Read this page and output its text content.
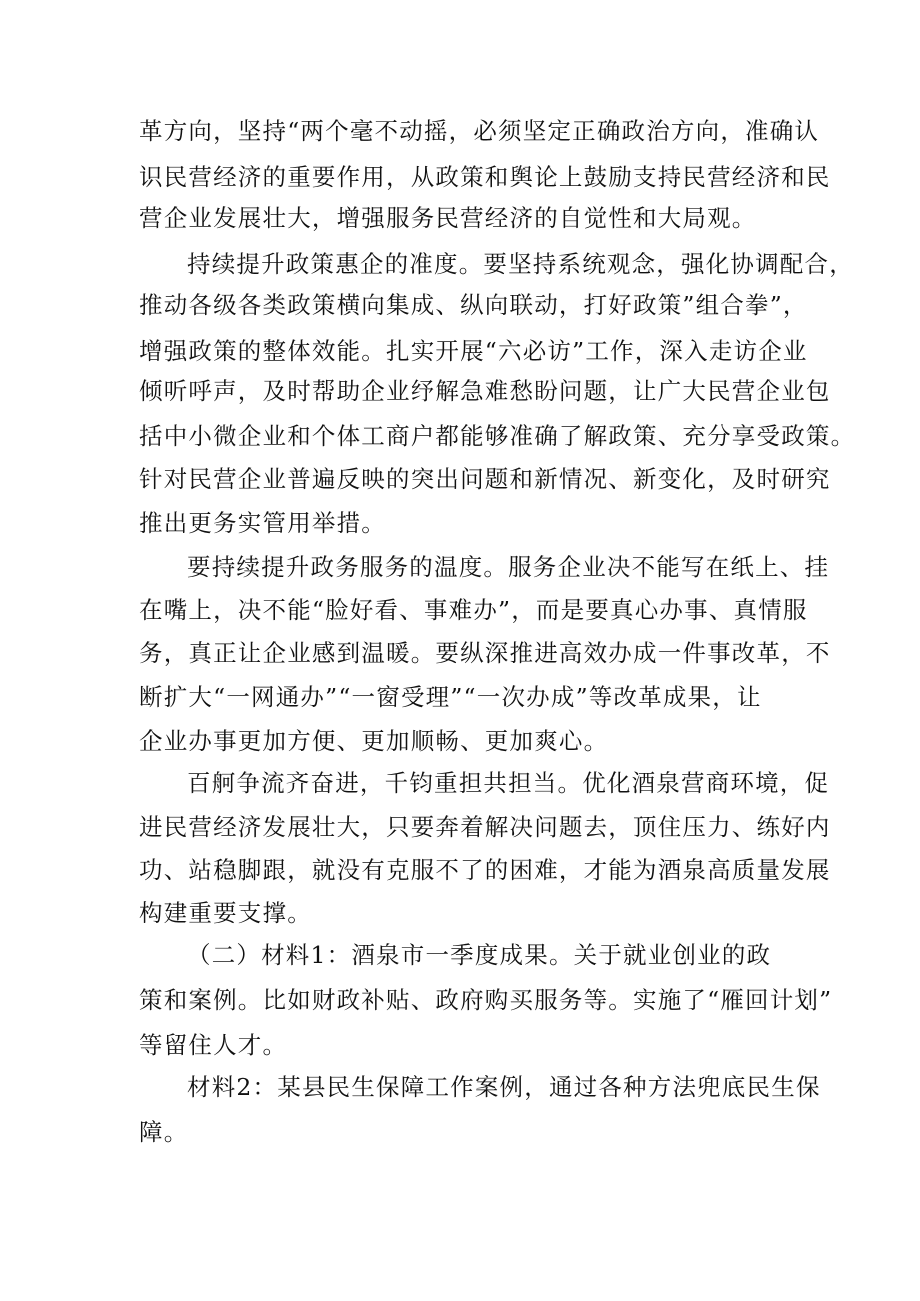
革方向，坚持“两个毫不动摇，必须坚定正确政治方向，准确认

识民营经济的重要作用，从政策和舆论上鼓励支持民营经济和民

营企业发展壮大，增强服务民营经济的自觉性和大局观。

持续提升政策惠企的准度。要坚持系统观念，强化协调配合，

推动各级各类政策横向集成、纵向联动，打好政策”组合拳”，

增强政策的整体效能。扎实开展“六必访”工作，深入走访企业

倾听呼声，及时帮助企业纾解急难愁盼问题，让广大民营企业包

括中小微企业和个体工商户都能够准确了解政策、充分享受政策。

针对民营企业普遍反映的突出问题和新情况、新变化，及时研究

推出更务实管用举措。

要持续提升政务服务的温度。服务企业决不能写在纸上、挂

在嘴上，决不能“脸好看、事难办”，而是要真心办事、真情服

务，真正让企业感到温暖。要纵深推进高效办成一件事改革，不

断扩大“一网通办”“一窗受理”“一次办成”等改革成果，让

企业办事更加方便、更加顺畅、更加爽心。

百舸争流齐奋进，千钧重担共担当。优化酒泉营商环境，促

进民营经济发展壮大，只要奔着解决问题去，顶住压力、练好内

功、站稳脚跟，就没有克服不了的困难，才能为酒泉高质量发展

构建重要支撑。

（二）材料1：酒泉市一季度成果。关于就业创业的政

策和案例。比如财政补贴、政府购买服务等。实施了“雁回计划”

等留住人才。

材料2：某县民生保障工作案例，通过各种方法兜底民生保

障。
